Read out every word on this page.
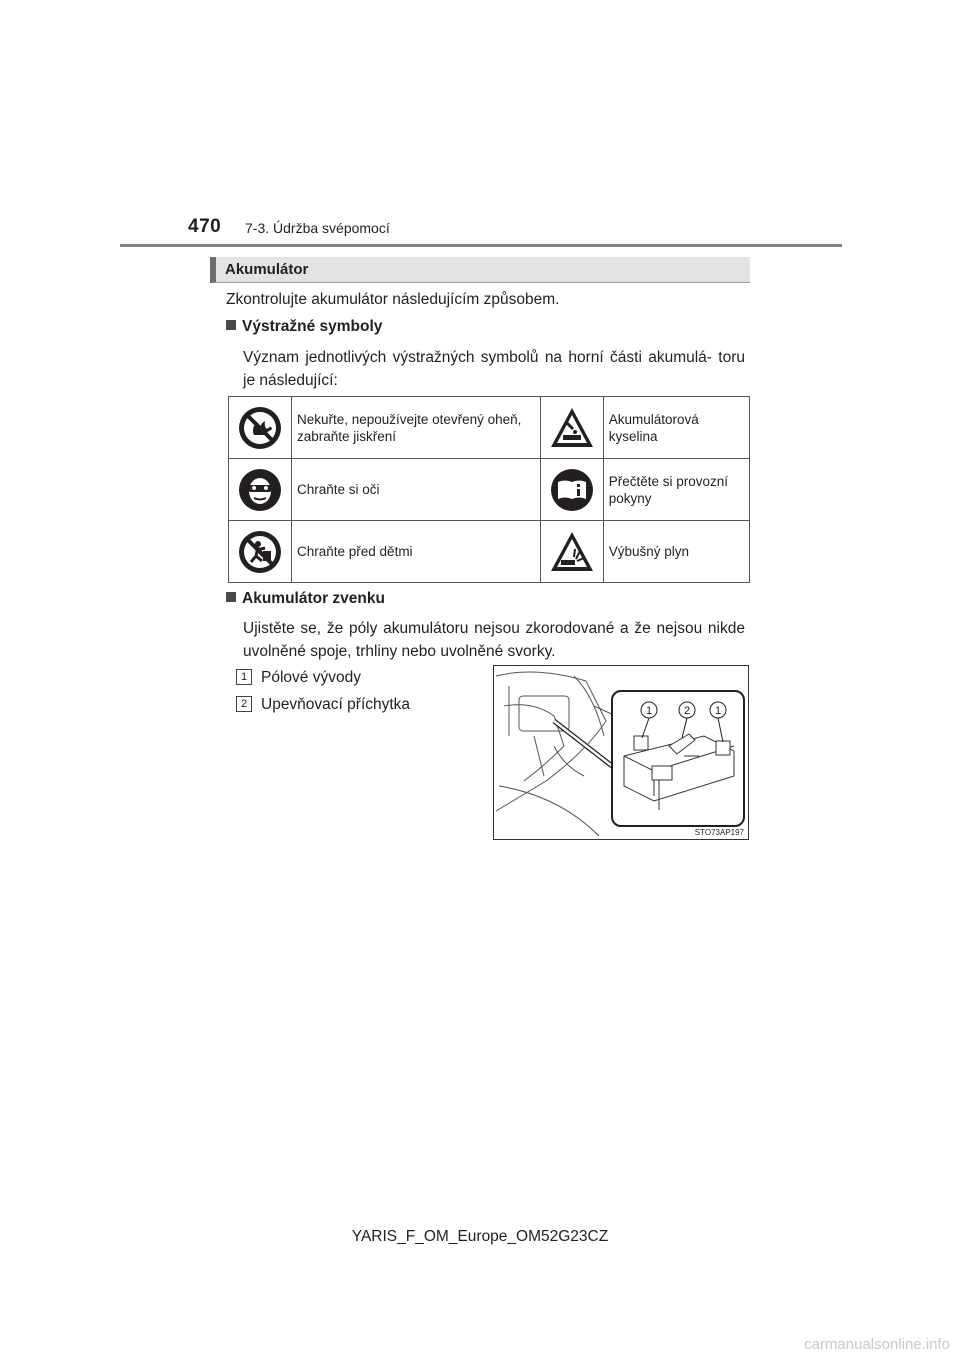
470 7-3. Údržba svépomocí
Akumulátor
Zkontrolujte akumulátor následujícím způsobem.
Výstražné symboly
Význam jednotlivých výstražných symbolů na horní části akumulá- toru je následující:
	Nekuřte, nepoužívejte otevřený oheň, zabraňte jiskření		Akumulátorová kyselina

	Chraňte si oči		Přečtěte si provozní pokyny

	Chraňte před dětmi		Výbušný plyn
Akumulátor zvenku
Ujistěte se, že póly akumulátoru nejsou zkorodované a že nejsou nikde uvolněné spoje, trhliny nebo uvolněné svorky.
1 Pólové vývody
2 Upevňovací příchytka	1	2 1
STO73AP197
YARIS_F_OM_Europe_OM52G23CZ
carmanualsonline.info
